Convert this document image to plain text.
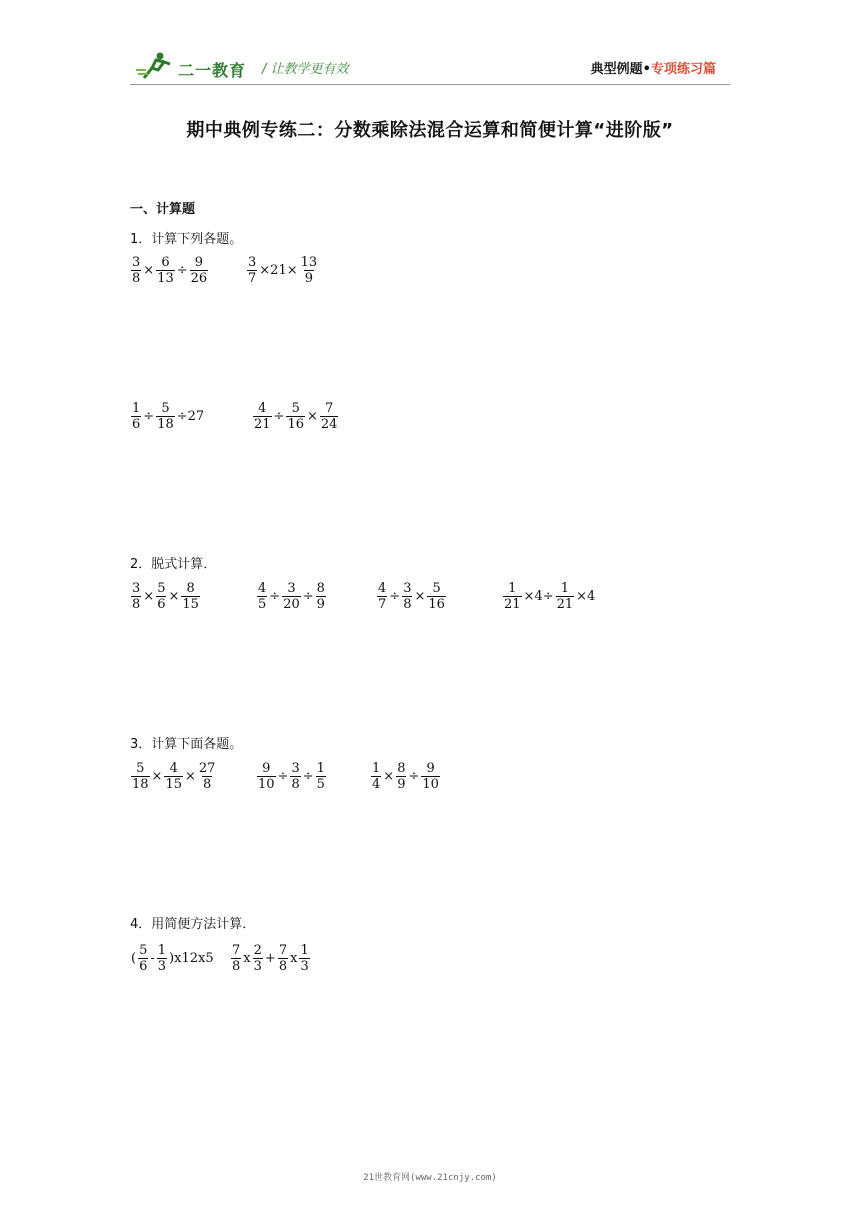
二一教育 / 让教学更有效	典型例题•专项练习篇
期中典例专练二：分数乘除法混合运算和简便计算“进阶版”
一、计算题
1．计算下列各题。
$\frac{3}{8} \times \frac{6}{13} \div \frac{9}{26}$	$\frac{3}{7} \times 21\times \frac{13}{9}$
$\frac{1}{6} \div \frac{5}{18} \div 27$	$\frac{4}{21} \div \frac{5}{16} \times \frac{7}{24}$
2．脱式计算．
$\frac{3}{8} \times \frac{5}{6} \times \frac{8}{15}$	$\frac{4}{5} \div \frac{3}{20} \div \frac{8}{9}$	$\frac{4}{7} \div \frac{3}{8} \times \frac{5}{16}$	$\frac{1}{21} \times 4\div \frac{1}{21} \times 4$
3．计算下面各题。
$\frac{5}{18} \times \frac{4}{15} \times \frac{27}{8}$	$\frac{9}{10} \div \frac{3}{8} \div \frac{1}{5}$	$\frac{1}{4} \times \frac{8}{9} \div \frac{9}{10}$
4．用简便方法计算．
( $\frac{5}{6} - \frac{1}{3} )x12x5 \frac{7}{8}$ x $\frac{2}{3} + \frac{7}{8}$ x $\frac{1}{3}$
21世教育网(www.21cnjy.com)
